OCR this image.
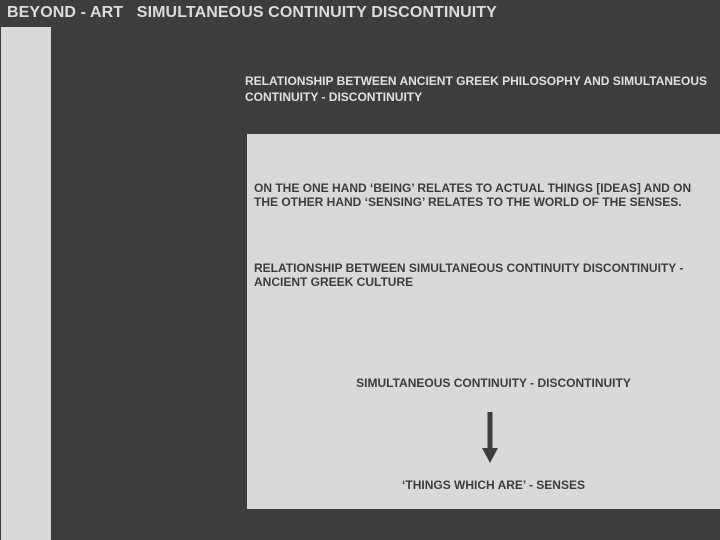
BEYOND - ART   SIMULTANEOUS CONTINUITY DISCONTINUITY
RELATIONSHIP BETWEEN ANCIENT GREEK PHILOSOPHY AND SIMULTANEOUS CONTINUITY - DISCONTINUITY
ON THE ONE HAND ‘BEING’ RELATES TO ACTUAL THINGS [IDEAS] AND ON THE OTHER HAND ‘SENSING’ RELATES TO THE WORLD OF THE SENSES.
RELATIONSHIP BETWEEN SIMULTANEOUS CONTINUITY DISCONTINUITY - ANCIENT GREEK CULTURE
SIMULTANEOUS CONTINUITY - DISCONTINUITY
‘THINGS WHICH ARE’ - SENSES
